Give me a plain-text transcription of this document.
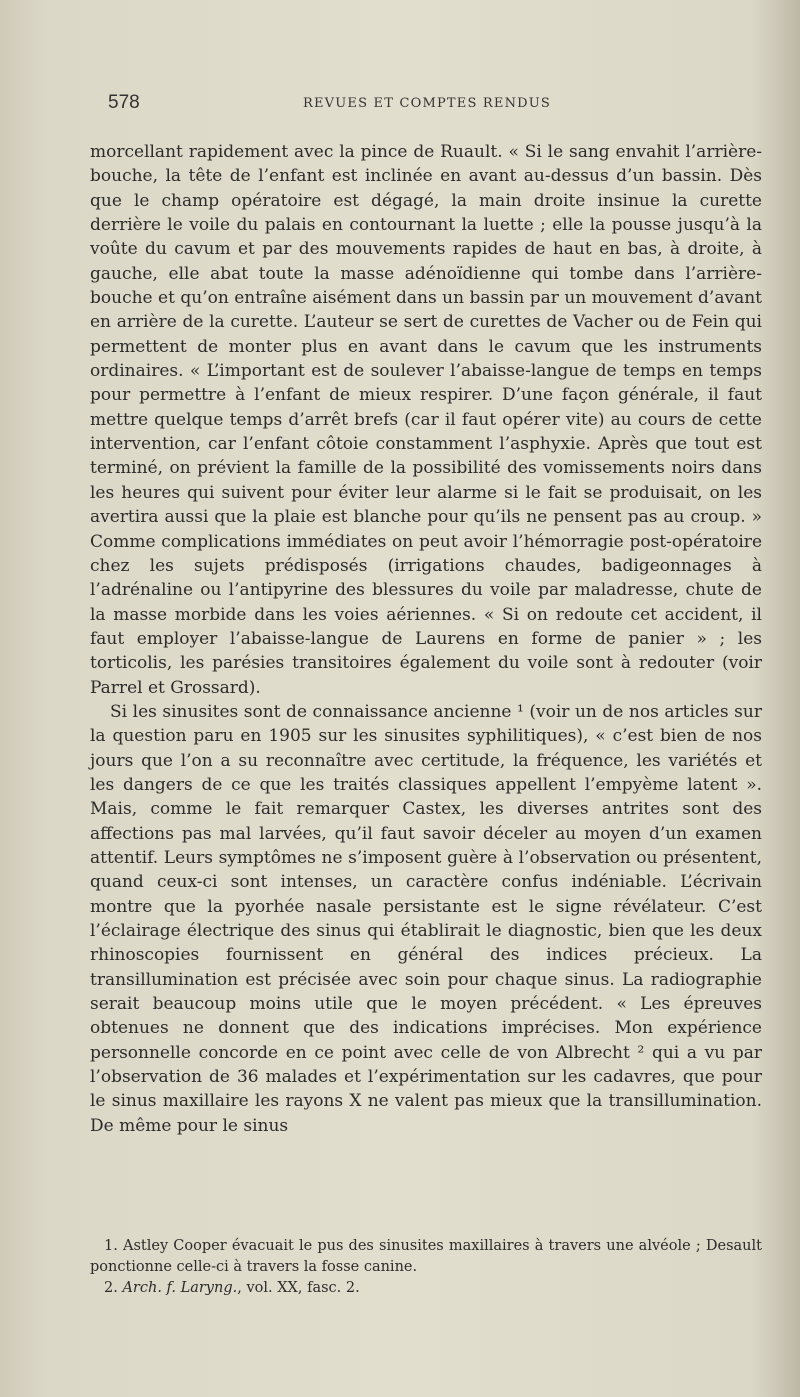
578	REVUES ET COMPTES RENDUS

morcellant rapidement avec la pince de Ruault. « Si le sang envahit l’arrière-bouche, la tête de l’enfant est inclinée en avant au-dessus d’un bassin. Dès que le champ opératoire est dégagé, la main droite insinue la curette derrière le voile du palais en contournant la luette ; elle la pousse jusqu’à la voûte du cavum et par des mouvements rapides de haut en bas, à droite, à gauche, elle abat toute la masse adénoïdienne qui tombe dans l’arrière-bouche et qu’on entraîne aisément dans un bassin par un mouvement d’avant en arrière de la curette. L’auteur se sert de curettes de Vacher ou de Fein qui permettent de monter plus en avant dans le cavum que les instruments ordinaires. « L’important est de soulever l’abaisse-langue de temps en temps pour permettre à l’enfant de mieux respirer. D’une façon générale, il faut mettre quelque temps d’arrêt brefs (car il faut opérer vite) au cours de cette intervention, car l’enfant côtoie constamment l’asphyxie. Après que tout est terminé, on prévient la famille de la possibilité des vomissements noirs dans les heures qui suivent pour éviter leur alarme si le fait se produisait, on les avertira aussi que la plaie est blanche pour qu’ils ne pensent pas au croup. » Comme complications immédiates on peut avoir l’hémorragie post-opératoire chez les sujets prédisposés (irrigations chaudes, badigeonnages à l’adrénaline ou l’antipyrine des blessures du voile par maladresse, chute de la masse morbide dans les voies aériennes. « Si on redoute cet accident, il faut employer l’abaisse-langue de Laurens en forme de panier » ; les torticolis, les parésies transitoires également du voile sont à redouter (voir Parrel et Grossard).

Si les sinusites sont de connaissance ancienne ¹ (voir un de nos articles sur la question paru en 1905 sur les sinusites syphilitiques), « c’est bien de nos jours que l’on a su reconnaître avec certitude, la fréquence, les variétés et les dangers de ce que les traités classiques appellent l’empyème latent ». Mais, comme le fait remarquer Castex, les diverses antrites sont des affections pas mal larvées, qu’il faut savoir déceler au moyen d’un examen attentif. Leurs symptômes ne s’imposent guère à l’observation ou présentent, quand ceux-ci sont intenses, un caractère confus indéniable. L’écrivain montre que la pyorhée nasale persistante est le signe révélateur. C’est l’éclairage électrique des sinus qui établirait le diagnostic, bien que les deux rhinoscopies fournissent en général des indices précieux. La transillumination est précisée avec soin pour chaque sinus. La radiographie serait beaucoup moins utile que le moyen précédent. « Les épreuves obtenues ne donnent que des indications imprécises. Mon expérience personnelle concorde en ce point avec celle de von Albrecht ² qui a vu par l’observation de 36 malades et l’expérimentation sur les cadavres, que pour le sinus maxillaire les rayons X ne valent pas mieux que la transillumination. De même pour le sinus

1. Astley Cooper évacuait le pus des sinusites maxillaires à travers une alvéole ; Desault ponctionne celle-ci à travers la fosse canine.

2. Arch. f. Laryng., vol. XX, fasc. 2.
